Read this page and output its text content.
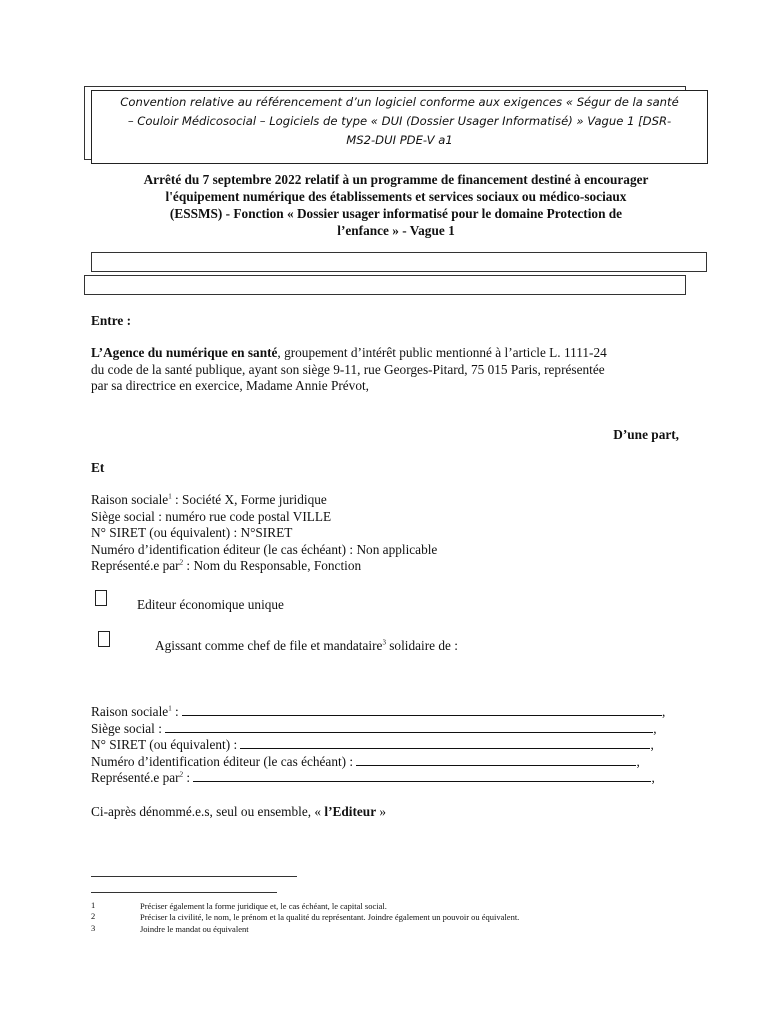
Convention relative au référencement d’un logiciel conforme aux exigences « Ségur de la santé
– Couloir Médicosocial – Logiciels de type « DUI (Dossier Usager Informatisé) » Vague 1 [DSR-
MS2-DUI PDE-V a1
Arrêté du 7 septembre 2022 relatif à un programme de financement destiné à encourager
l'équipement numérique des établissements et services sociaux ou médico-sociaux
(ESSMS) - Fonction « Dossier usager informatisé pour le domaine Protection de
l’enfance » - Vague 1
Entre :
L’Agence du numérique en santé, groupement d’intérêt public mentionné à l’article L. 1111-24
du code de la santé publique, ayant son siège 9-11, rue Georges-Pitard, 75 015 Paris, représentée
par sa directrice en exercice, Madame Annie Prévot,
D’une part,
Et
Raison sociale$^1$ : Société X, Forme juridique
Siège social : numéro rue code postal VILLE
N° SIRET (ou équivalent) : N°SIRET
Numéro d’identification éditeur (le cas échéant) : Non applicable
Représenté.e par$^2$ : Nom du Responsable, Fonction
Editeur économique unique
Agissant comme chef de file et mandataire$^3$ solidaire de :
Raison sociale$^1$ :	,
Siège social :	,
N° SIRET (ou équivalent) :	,
Numéro d’identification éditeur (le cas échéant) :	,
Représenté.e par$^2$ :	,
Ci-après dénommé.e.s, seul ou ensemble, « l’Editeur »
1	Préciser également la forme juridique et, le cas échéant, le capital social.
2	Préciser la civilité, le nom, le prénom et la qualité du représentant. Joindre également un pouvoir ou équivalent.
3	Joindre le mandat ou équivalent
